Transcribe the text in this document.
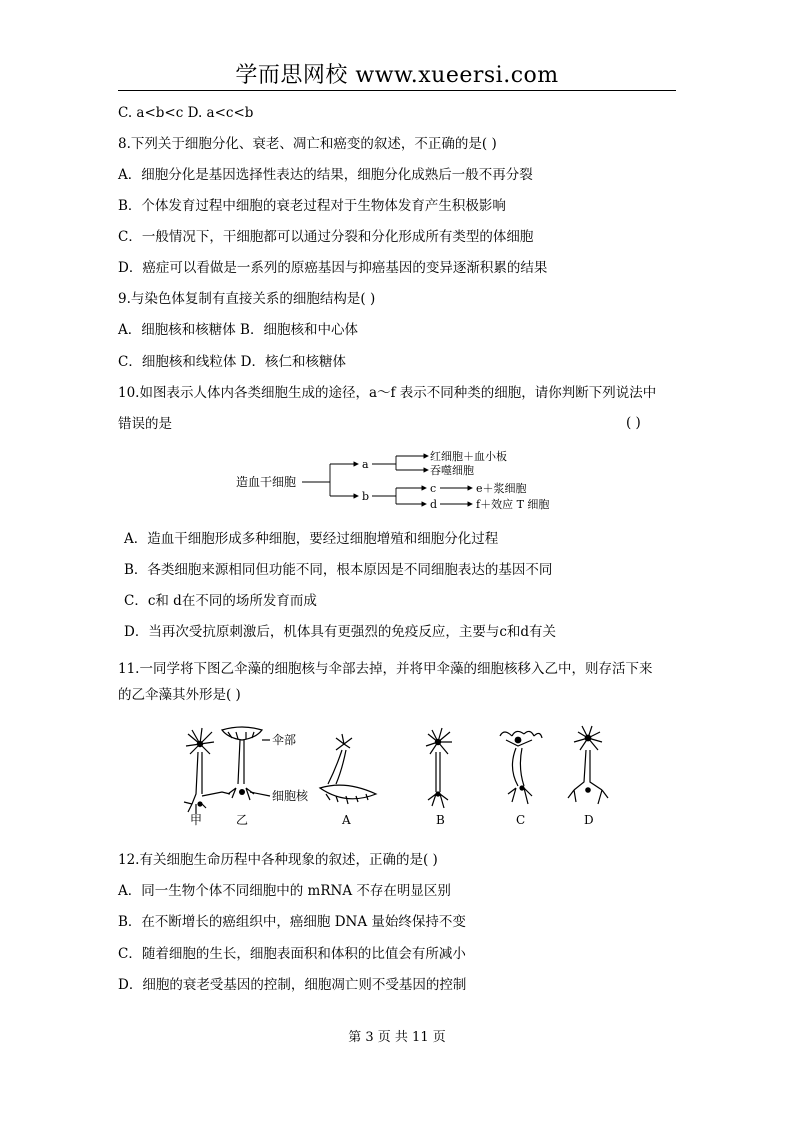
学而思网校 www.xueersi.com
C. a<b<c D. a<c<b
8.下列关于细胞分化、衰老、凋亡和癌变的叙述，不正确的是( )
A．细胞分化是基因选择性表达的结果，细胞分化成熟后一般不再分裂
B．个体发育过程中细胞的衰老过程对于生物体发育产生积极影响
C．一般情况下，干细胞都可以通过分裂和分化形成所有类型的体细胞
D．癌症可以看做是一系列的原癌基因与抑癌基因的变异逐渐积累的结果
9.与染色体复制有直接关系的细胞结构是( )
A．细胞核和核糖体 B．细胞核和中心体
C．细胞核和线粒体 D．核仁和核糖体
10.如图表示人体内各类细胞生成的途径，a～f 表示不同种类的细胞，请你判断下列说法中
错误的是	( )
造血干细胞
a
b
红细胞＋血小板
吞噬细胞
c
d
e＋浆细胞
f＋效应 T 细胞
A．造血干细胞形成多种细胞，要经过细胞增殖和细胞分化过程
B．各类细胞来源相同但功能不同，根本原因是不同细胞表达的基因不同
C．c和 d在不同的场所发育而成
D．当再次受抗原刺激后，机体具有更强烈的免疫反应，主要与c和d有关
11.一同学将下图乙伞藻的细胞核与伞部去掉，并将甲伞藻的细胞核移入乙中，则存活下来
的乙伞藻其外形是( )
伞部
细胞核
甲	乙	A	B	C	D
12.有关细胞生命历程中各种现象的叙述，正确的是( )
A．同一生物个体不同细胞中的 mRNA 不存在明显区别
B．在不断增长的癌组织中，癌细胞 DNA 量始终保持不变
C．随着细胞的生长，细胞表面积和体积的比值会有所减小
D．细胞的衰老受基因的控制，细胞凋亡则不受基因的控制
第 3 页 共 11 页
